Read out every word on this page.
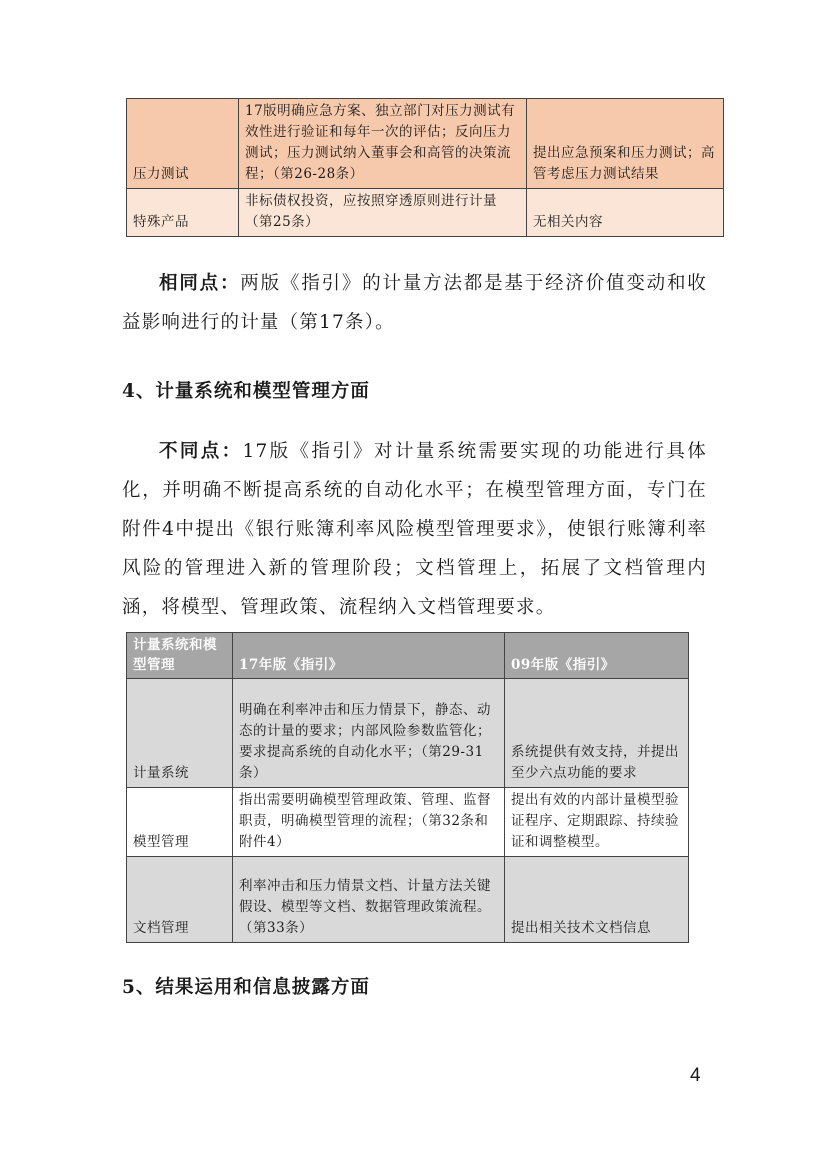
压力测试	17版明确应急方案、独立部门对压力测试有效性进行验证和每年一次的评估；反向压力测试；压力测试纳入董事会和高管的决策流程；（第26-28条）	提出应急预案和压力测试；高管考虑压力测试结果
特殊产品	非标债权投资，应按照穿透原则进行计量（第25条）	无相关内容

相同点：两版《指引》的计量方法都是基于经济价值变动和收益影响进行的计量（第17条）。

4、计量系统和模型管理方面

不同点：17版《指引》对计量系统需要实现的功能进行具体化，并明确不断提高系统的自动化水平；在模型管理方面，专门在附件4中提出《银行账簿利率风险模型管理要求》，使银行账簿利率风险的管理进入新的管理阶段；文档管理上，拓展了文档管理内涵，将模型、管理政策、流程纳入文档管理要求。

计量系统和模型管理	17年版《指引》	09年版《指引》
计量系统	明确在利率冲击和压力情景下，静态、动态的计量的要求；内部风险参数监管化；要求提高系统的自动化水平；（第29-31条）	系统提供有效支持，并提出至少六点功能的要求
模型管理	指出需要明确模型管理政策、管理、监督职责，明确模型管理的流程；（第32条和附件4）	提出有效的内部计量模型验证程序、定期跟踪、持续验证和调整模型。
文档管理	利率冲击和压力情景文档、计量方法关键假设、模型等文档、数据管理政策流程。（第33条）	提出相关技术文档信息
5、结果运用和信息披露方面
4
